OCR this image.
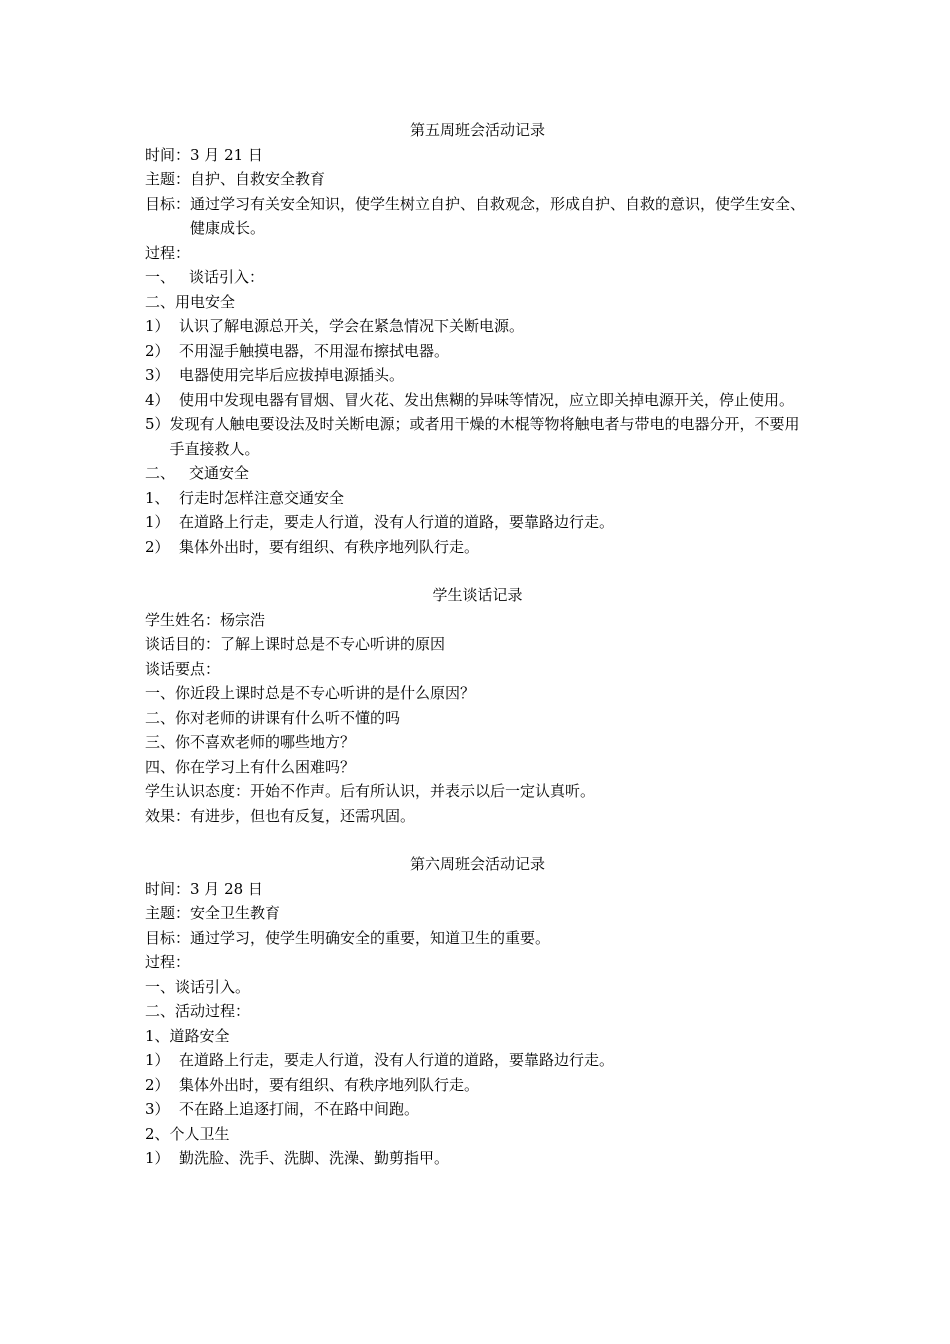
第五周班会活动记录

时间：3 月 21 日

主题：自护、自救安全教育

目标： 通过学习有关安全知识，使学生树立自护、自救观念，形成自护、自救的意识，使学生安全、健康成长。

过程：

一、 谈话引入：

二、用电安全

1） 认识了解电源总开关，学会在紧急情况下关断电源。
2） 不用湿手触摸电器，不用湿布擦拭电器。
3） 电器使用完毕后应拔掉电源插头。
4） 使用中发现电器有冒烟、冒火花、发出焦糊的异味等情况，应立即关掉电源开关，停止使用。
5） 发现有人触电要设法及时关断电源；或者用干燥的木棍等物将触电者与带电的电器分开，不要用手直接救人。

二、 交通安全

1、 行走时怎样注意交通安全
1） 在道路上行走，要走人行道，没有人行道的道路，要靠路边行走。
2） 集体外出时，要有组织、有秩序地列队行走。

学生谈话记录

学生姓名：杨宗浩

谈话目的：了解上课时总是不专心听讲的原因

谈话要点：

一、你近段上课时总是不专心听讲的是什么原因？

二、你对老师的讲课有什么听不懂的吗

三、你不喜欢老师的哪些地方？

四、你在学习上有什么困难吗？

学生认识态度：开始不作声。后有所认识，并表示以后一定认真听。

效果：有进步，但也有反复，还需巩固。

第六周班会活动记录

时间：3 月 28 日

主题：安全卫生教育

目标：通过学习，使学生明确安全的重要，知道卫生的重要。

过程：

一、谈话引入。

二、活动过程：

1、道路安全

1） 在道路上行走，要走人行道，没有人行道的道路，要靠路边行走。
2） 集体外出时，要有组织、有秩序地列队行走。
3） 不在路上追逐打闹，不在路中间跑。

2、个人卫生

1） 勤洗脸、洗手、洗脚、洗澡、勤剪指甲。
